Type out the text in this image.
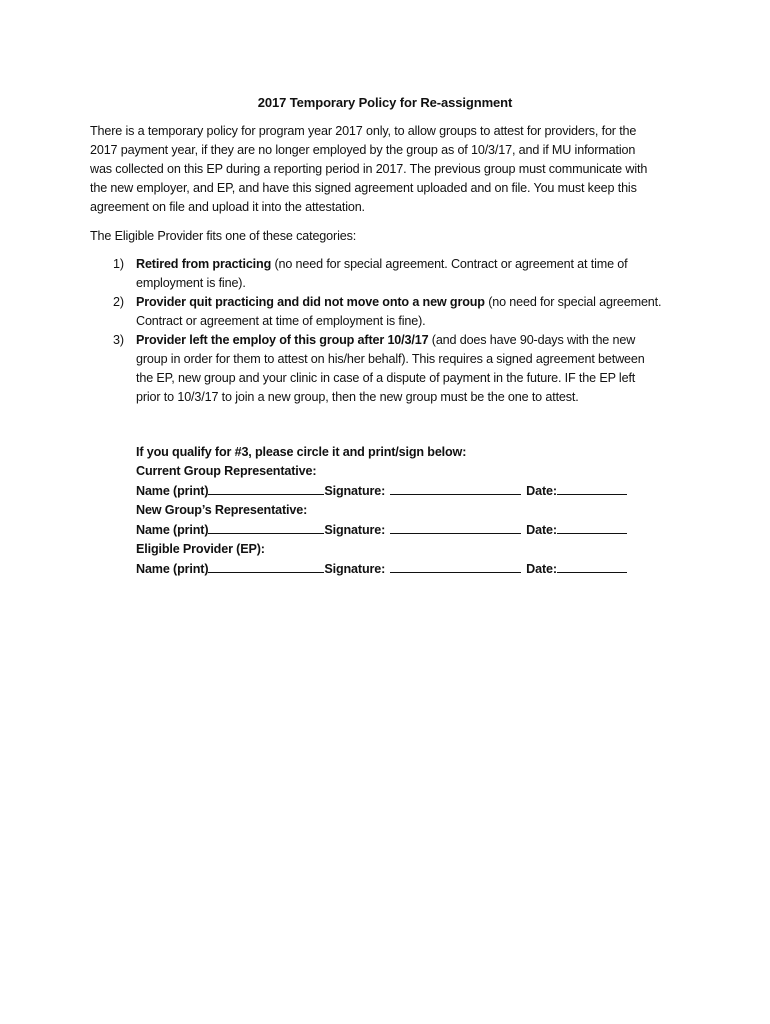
2017 Temporary Policy for Re-assignment
There is a temporary policy for program year 2017 only, to allow groups to attest for providers, for the
2017 payment year, if they are no longer employed by the group as of 10/3/17, and if MU information
was collected on this EP during a reporting period in 2017. The previous group must communicate with
the new employer, and EP, and have this signed agreement uploaded and on file. You must keep this
agreement on file and upload it into the attestation.
The Eligible Provider fits one of these categories:
1) Retired from practicing (no need for special agreement. Contract or agreement at time of
employment is fine).
2) Provider quit practicing and did not move onto a new group (no need for special agreement.
Contract or agreement at time of employment is fine).
3) Provider left the employ of this group after 10/3/17 (and does have 90-days with the new
group in order for them to attest on his/her behalf). This requires a signed agreement between
the EP, new group and your clinic in case of a dispute of payment in the future. IF the EP left
prior to 10/3/17 to join a new group, then the new group must be the one to attest.
If you qualify for #3, please circle it and print/sign below:
Current Group Representative:
Name (print)	Signature:	Date:
New Group’s Representative:
Name (print)	Signature:	Date:
Eligible Provider (EP):
Name (print)	Signature:	Date:
